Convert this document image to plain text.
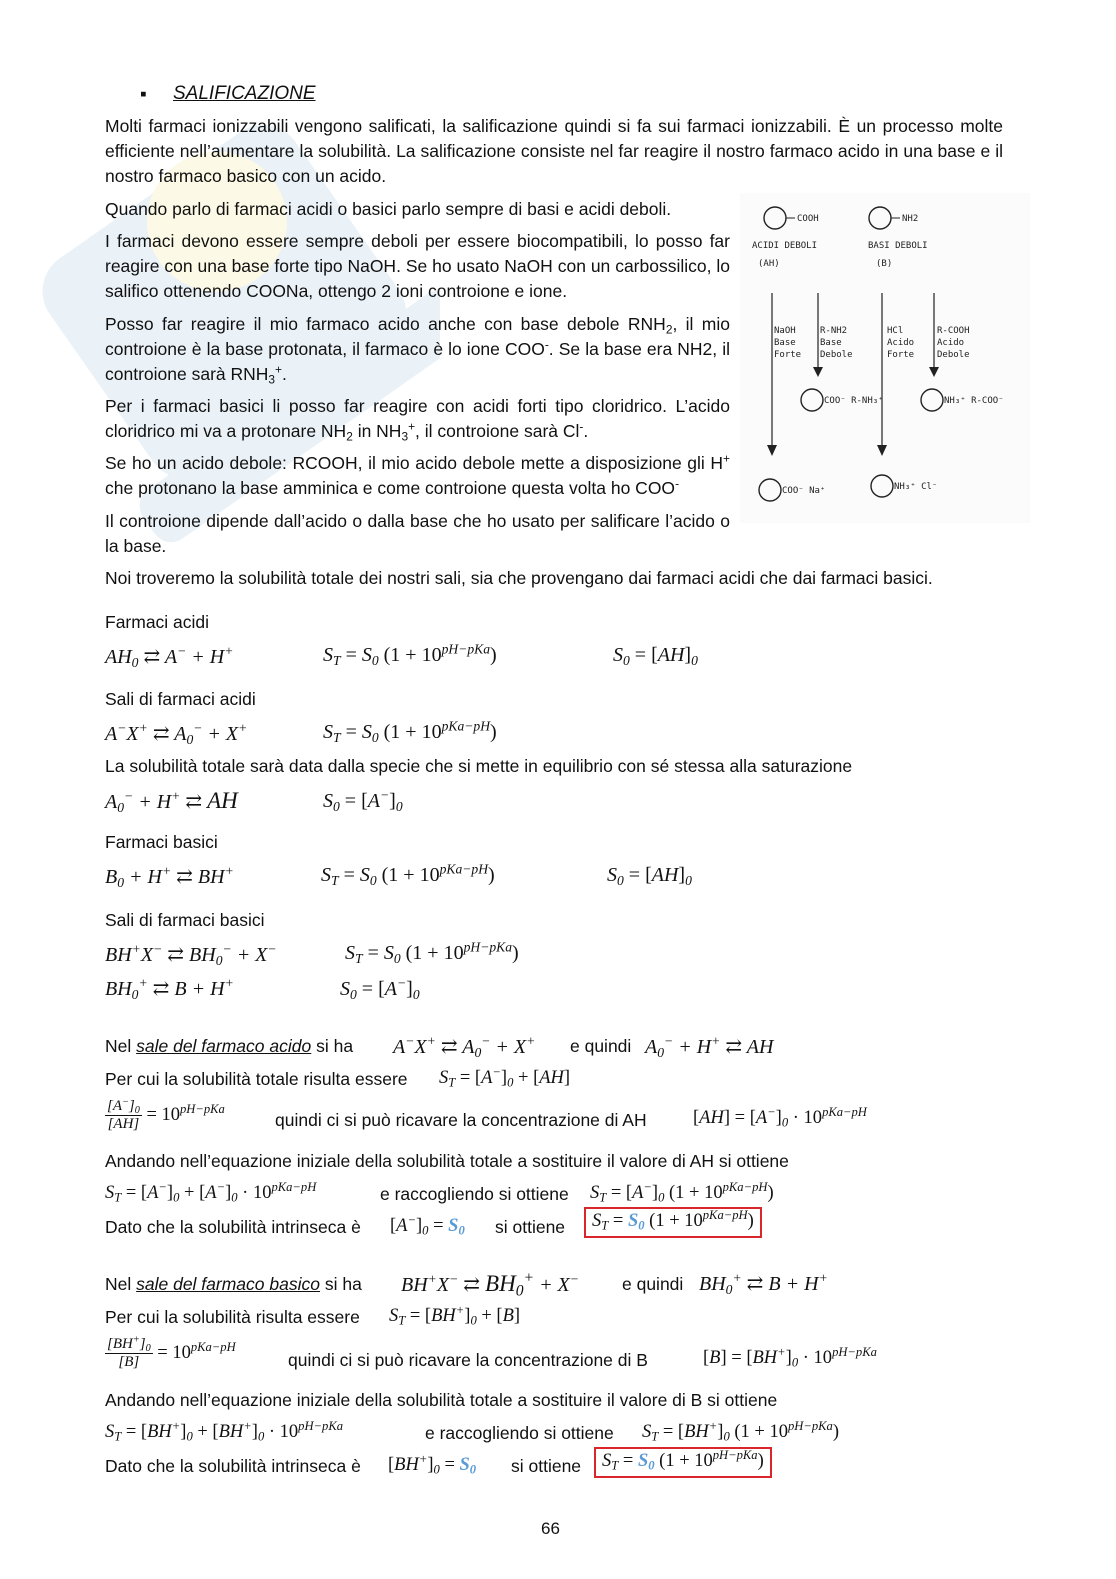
▪ SALIFICAZIONE
Molti farmaci ionizzabili vengono salificati, la salificazione quindi si fa sui farmaci ionizzabili. È un processo molte efficiente nell’aumentare la solubilità. La salificazione consiste nel far reagire il nostro farmaco acido in una base e il nostro farmaco basico con un acido.
Quando parlo di farmaci acidi o basici parlo sempre di basi e acidi deboli.
I farmaci devono essere sempre deboli per essere biocompatibili, lo posso far reagire con una base forte tipo NaOH. Se ho usato NaOH con un carbossilico, lo salifico ottenendo COONa, ottengo 2 ioni controione e ione.
Posso far reagire il mio farmaco acido anche con base debole $RNH_2$, il mio controione è la base protonata, il farmaco è lo ione COO-. Se la base era NH2, il controione sarà $RNH_3^+$.
Per i farmaci basici li posso far reagire con acidi forti tipo cloridrico. L’acido cloridrico mi va a protonare $NH_2$ in $NH_3^+$, il controione sarà Cl-.
Se ho un acido debole: RCOOH, il mio acido debole mette a disposizione gli H+ che protonano la base amminica e come controione questa volta ho COO-
Il controione dipende dall’acido o dalla base che ho usato per salificare l’acido o la base.
Noi troveremo la solubilità totale dei nostri sali, sia che provengano dai farmaci acidi che dai farmaci basici.
COOH	NH2
ACIDI DEBOLI
(AH)
BASI DEBOLI
(B)
NaOH
Base
Forte
R-NH2
Base
Debole
HCl
Acido
Forte
R-COOH
Acido
Debole
COO⁻ R-NH₃⁺	NH₃⁺ R-COO⁻
COO⁻ Na⁺	NH₃⁺ Cl⁻
Farmaci acidi
$AH_0$ ⇄ A− + H+	$S_T = S_0$ $(1 + 10^{pH-pKa})$	$S_0 = [AH]_0$
Sali di farmaci acidi
A−X+ ⇄ $A_0^- + X^+$	$S_T = S_0$ $(1 + 10^{pKa-pH})$
La solubilità totale sarà data dalla specie che si mette in equilibrio con sé stessa alla saturazione
$A_0^- + H^+$ ⇄ AH	$S_0 = [A^-]_0$
Farmaci basici
$B_0 + H^+$ ⇄ BH+	$S_T = S_0$ $(1 + 10^{pKa-pH})$	$S_0 = [AH]_0$
Sali di farmaci basici
BH+X− ⇄ $BH_0^- + X^-$	$S_T = S_0$ $(1 + 10^{pH-pKa})$
$BH_0^+$ ⇄ B + H+	$S_0 = [A^-]_0$
Nel sale del farmaco acido si ha A−X+ ⇄ $A_0^- + X^+$ e quindi $A_0^- + H^+$ ⇄ AH
Per cui la solubilità totale risulta essere $S_T = [A^-]_0 + [AH]$
$\frac{[A^-]_0}{[AH]} = 10^{pH-pKa}$
quindi ci si può ricavare la concentrazione di AH	$[AH] = [A^-]_0 \cdot 10^{pKa-pH}$
Andando nell’equazione iniziale della solubilità totale a sostituire il valore di AH si ottiene
$S_T = [A^-]_0 + [A^-]_0 \cdot 10^{pKa-pH}$	e raccogliendo si ottiene $S_T = [A^-]_0$ $(1 + 10^{pKa-pH})$
Dato che la solubilità intrinseca è $[A^-]_0 = S_0$ si ottiene	$S_T = S_0$ $(1 + 10^{pKa-pH})$
Nel sale del farmaco basico si ha BH+X− ⇄ $BH_0^+ + X^-$ e quindi $BH_0^+$ ⇄ B + H+
Per cui la solubilità risulta essere $S_T = [BH^+]_0 + [B]$
$\frac{[BH^+]_0}{[B]} = 10^{pKa-pH}$
quindi ci si può ricavare la concentrazione di B	$[B] = [BH^+]_0 \cdot 10^{pH-pKa}$
Andando nell’equazione iniziale della solubilità totale a sostituire il valore di B si ottiene
$S_T = [BH^+]_0 + [BH^+]_0 \cdot 10^{pH-pKa}$	e raccogliendo si ottiene $S_T = [BH^+]_0$ $(1 + 10^{pH-pKa})$
Dato che la solubilità intrinseca è $[BH^+]_0 = S_0$ si ottiene	$S_T = S_0$ $(1 + 10^{pH-pKa})$
66
